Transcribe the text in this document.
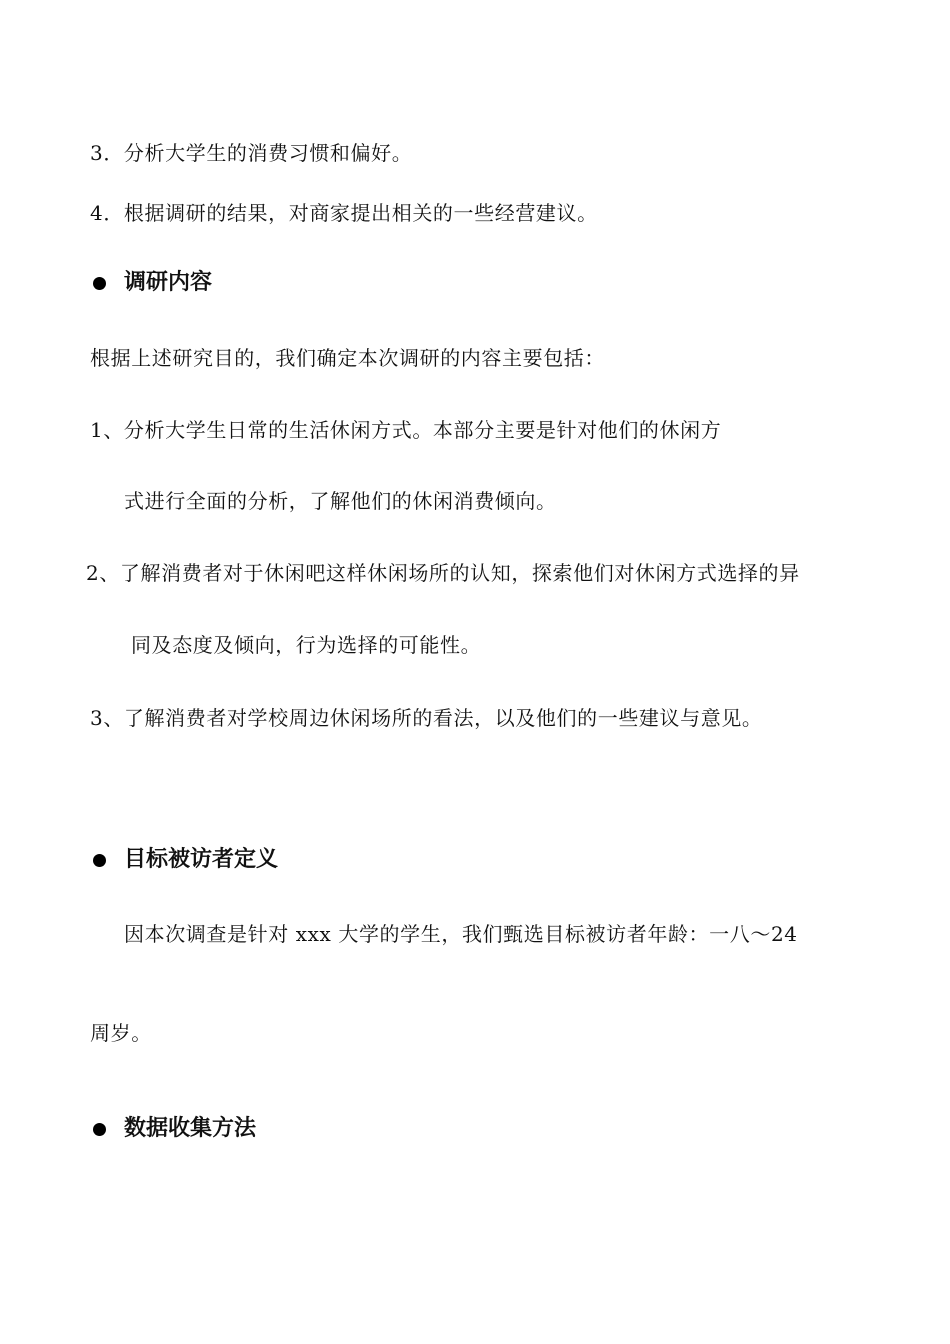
3．分析大学生的消费习惯和偏好。
4．根据调研的结果，对商家提出相关的一些经营建议。
调研内容
根据上述研究目的，我们确定本次调研的内容主要包括：
1、分析大学生日常的生活休闲方式。本部分主要是针对他们的休闲方
式进行全面的分析，了解他们的休闲消费倾向。
2、了解消费者对于休闲吧这样休闲场所的认知，探索他们对休闲方式选择的异
同及态度及倾向，行为选择的可能性。
3、了解消费者对学校周边休闲场所的看法，以及他们的一些建议与意见。
目标被访者定义
因本次调查是针对 xxx 大学的学生，我们甄选目标被访者年龄：一八～24
周岁。
数据收集方法
